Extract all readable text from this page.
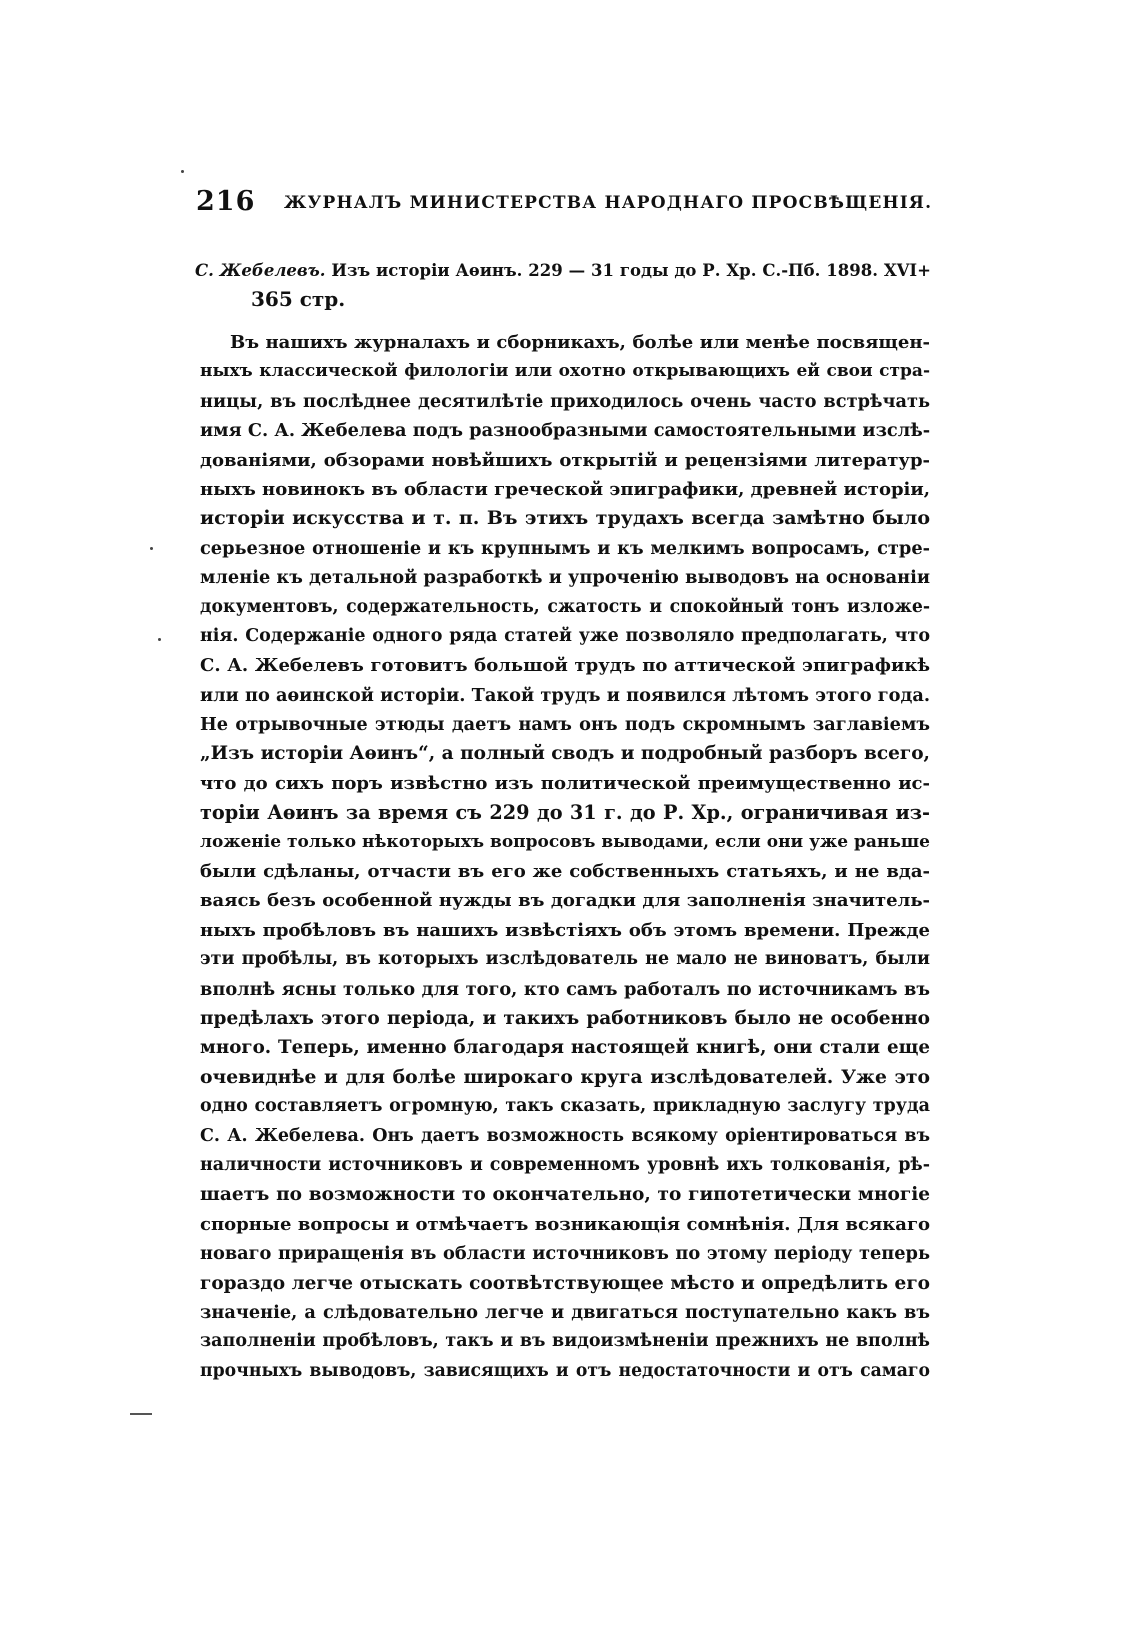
216 ЖУРНАЛЪ МИНИСТЕРСТВА НАРОДНАГО ПРОСВѢЩЕНІЯ.
С. Жебелевъ. Изъ исторіи Аѳинъ. 229 — 31 годы до Р. Хр. С.-Пб. 1898. XVI+
365 стр.
Въ нашихъ журналахъ и сборникахъ, болѣе или менѣе посвящен-
ныхъ классической филологіи или охотно открывающихъ ей свои стра-
ницы, въ послѣднее десятилѣтіе приходилось очень часто встрѣчать
имя С. А. Жебелева подъ разнообразными самостоятельными изслѣ-
дованіями, обзорами новѣйшихъ открытій и рецензіями литератур-
ныхъ новинокъ въ области греческой эпиграфики, древней исторіи,
исторіи искусства и т. п. Въ этихъ трудахъ всегда замѣтно было
серьезное отношеніе и къ крупнымъ и къ мелкимъ вопросамъ, стре-
мленіе къ детальной разработкѣ и упроченію выводовъ на основаніи
документовъ, содержательность, сжатость и спокойный тонъ изложе-
нія. Содержаніе одного ряда статей уже позволяло предполагать, что
С. А. Жебелевъ готовитъ большой трудъ по аттической эпиграфикѣ
или по аѳинской исторіи. Такой трудъ и появился лѣтомъ этого года.
Не отрывочные этюды даетъ намъ онъ подъ скромнымъ заглавіемъ
„Изъ исторіи Аѳинъ“, а полный сводъ и подробный разборъ всего,
что до сихъ поръ извѣстно изъ политической преимущественно ис-
торіи Аѳинъ за время съ 229 до 31 г. до Р. Хр., ограничивая из-
ложеніе только нѣкоторыхъ вопросовъ выводами, если они уже раньше
были сдѣланы, отчасти въ его же собственныхъ статьяхъ, и не вда-
ваясь безъ особенной нужды въ догадки для заполненія значитель-
ныхъ пробѣловъ въ нашихъ извѣстіяхъ объ этомъ времени. Прежде
эти пробѣлы, въ которыхъ изслѣдователь не мало не виноватъ, были
вполнѣ ясны только для того, кто самъ работалъ по источникамъ въ
предѣлахъ этого періода, и такихъ работниковъ было не особенно
много. Теперь, именно благодаря настоящей книгѣ, они стали еще
очевиднѣе и для болѣе широкаго круга изслѣдователей. Уже это
одно составляетъ огромную, такъ сказать, прикладную заслугу труда
С. А. Жебелева. Онъ даетъ возможность всякому оріентироваться въ
наличности источниковъ и современномъ уровнѣ ихъ толкованія, рѣ-
шаетъ по возможности то окончательно, то гипотетически многіе
спорные вопросы и отмѣчаетъ возникающія сомнѣнія. Для всякаго
новаго приращенія въ области источниковъ по этому періоду теперь
гораздо легче отыскать соотвѣтствующее мѣсто и опредѣлить его
значеніе, а слѣдовательно легче и двигаться поступательно какъ въ
заполненіи пробѣловъ, такъ и въ видоизмѣненіи прежнихъ не вполнѣ
прочныхъ выводовъ, зависящихъ и отъ недостаточности и отъ самаго
